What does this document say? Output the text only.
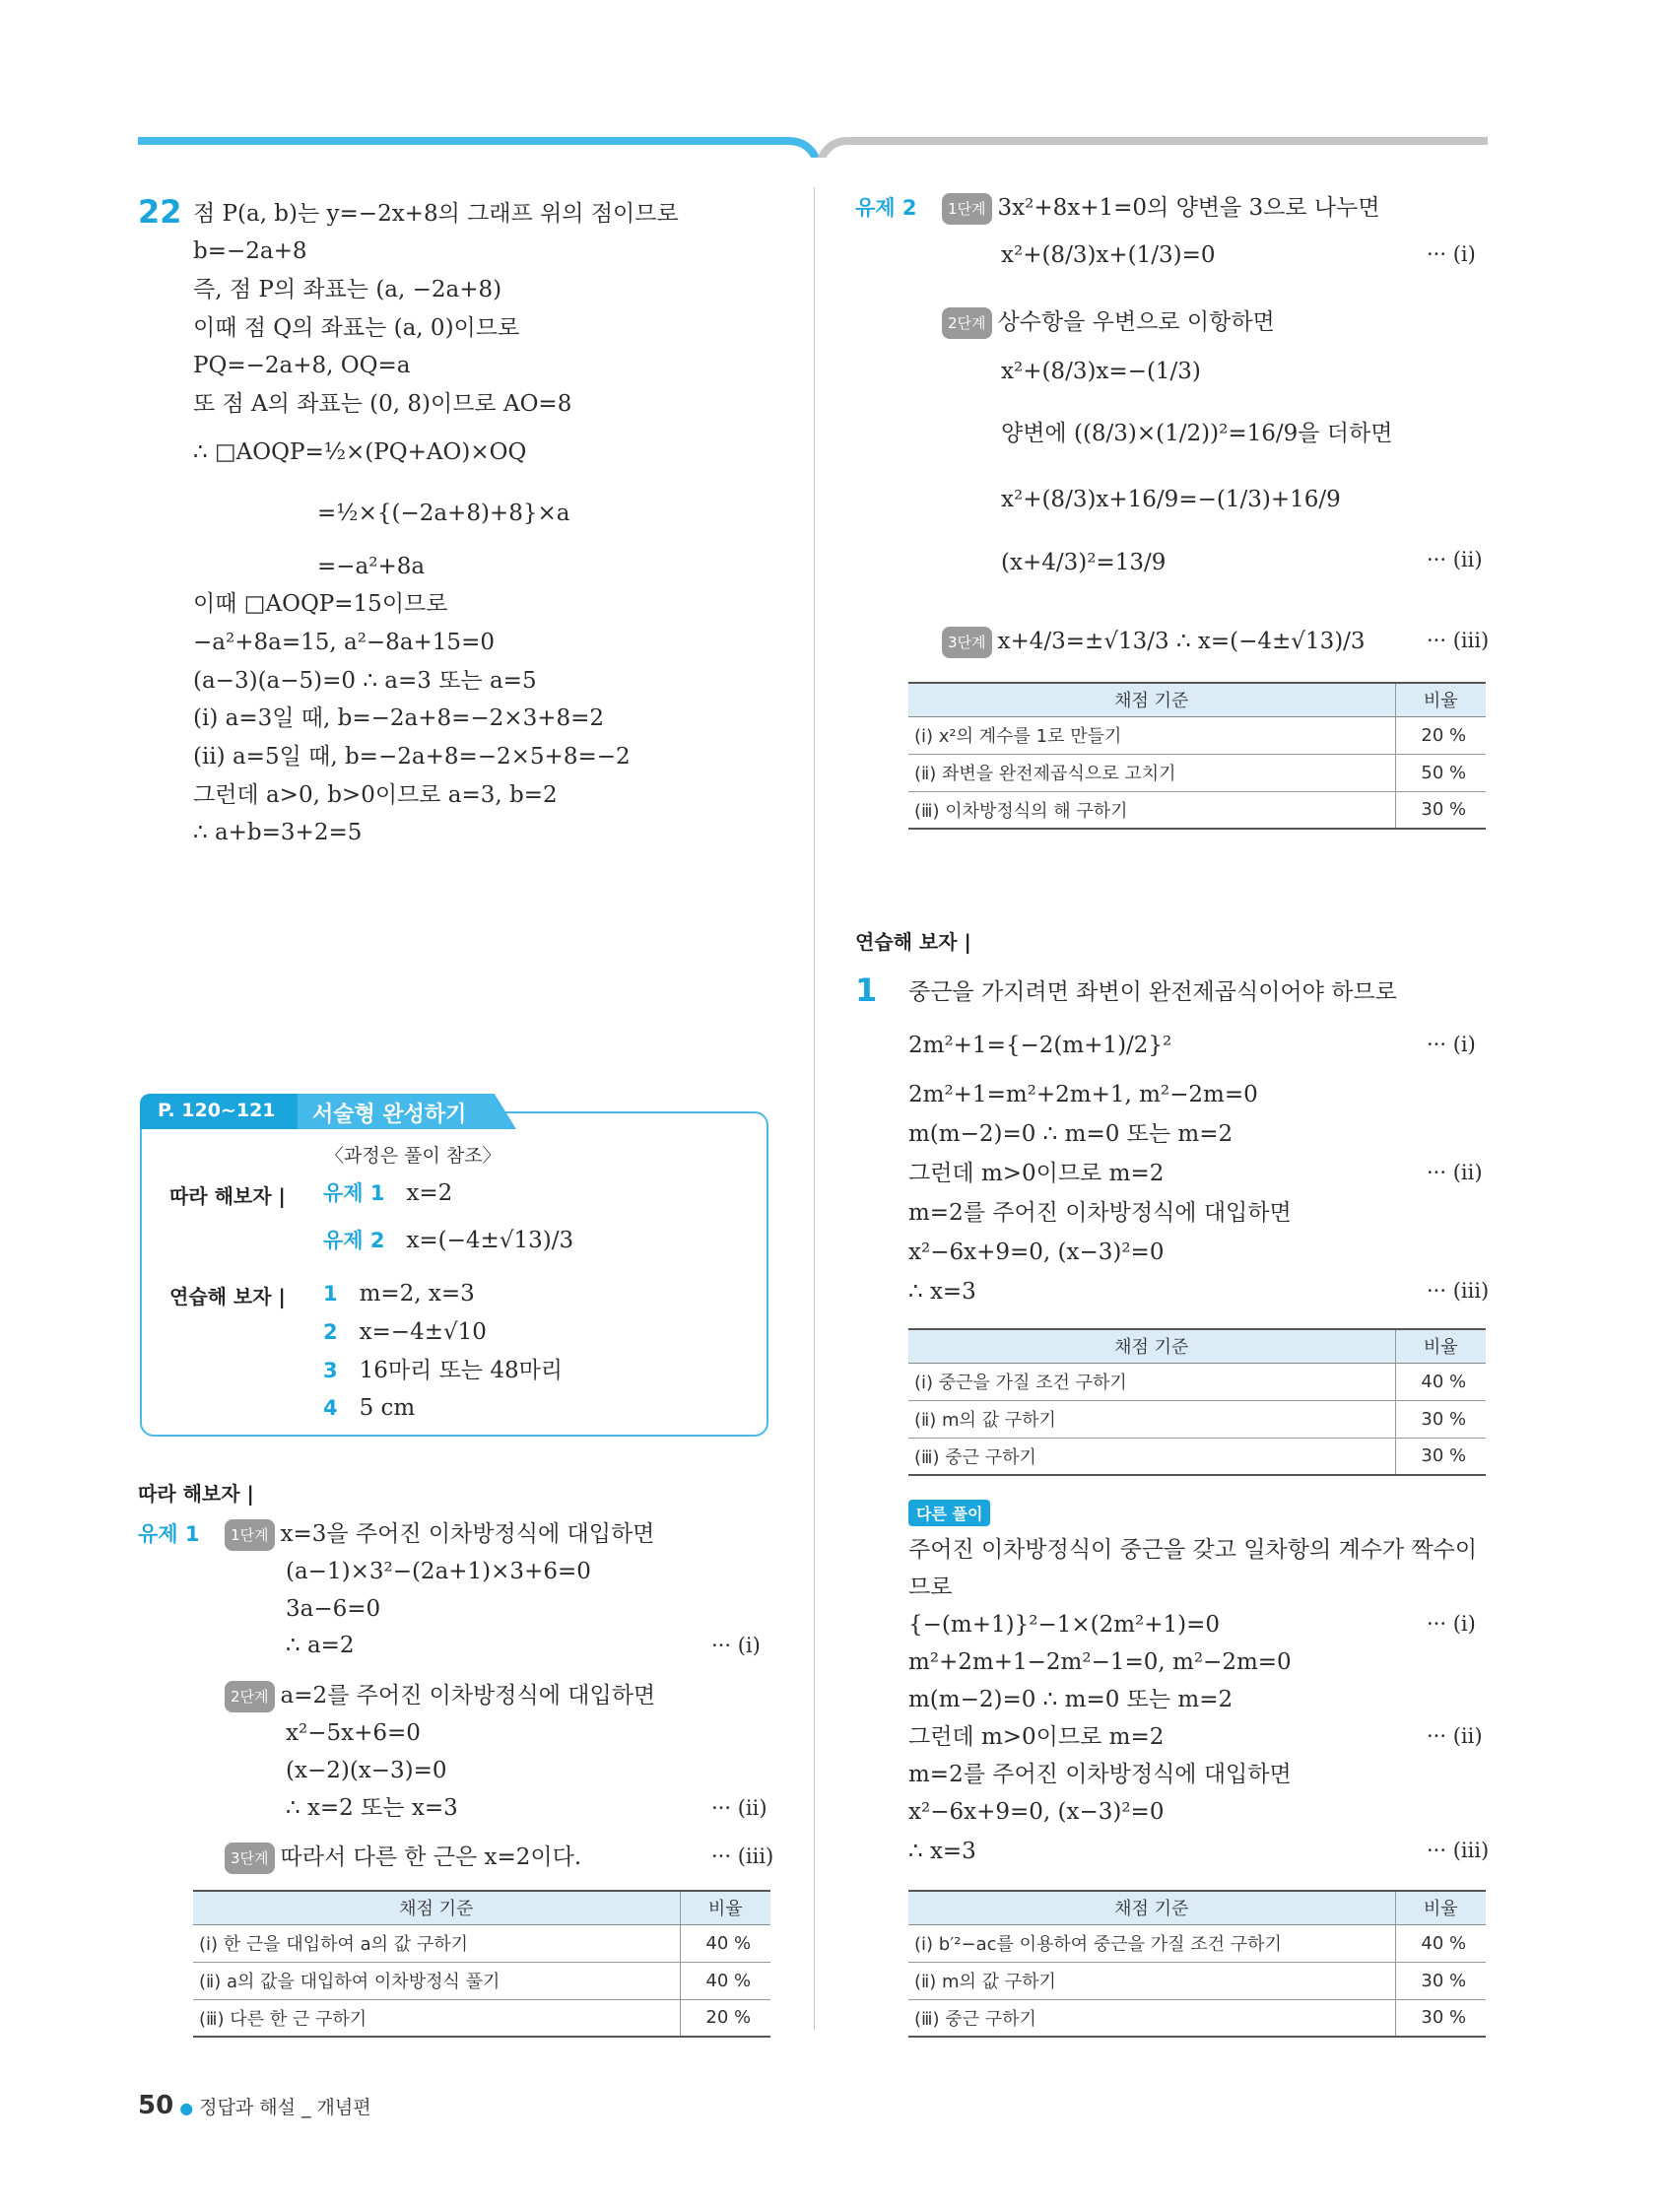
22 점 P(a, b)는 y=−2x+8의 그래프 위의 점이므로
b=−2a+8
즉, 점 P의 좌표는 (a, −2a+8)
이때 점 Q의 좌표는 (a, 0)이므로
PQ=−2a+8, OQ=a
또 점 A의 좌표는 (0, 8)이므로 AO=8
∴ □AOQP=½×(PQ+AO)×OQ
=½×{(−2a+8)+8}×a
=−a²+8a
이때 □AOQP=15이므로
−a²+8a=15, a²−8a+15=0
(a−3)(a−5)=0 ∴ a=3 또는 a=5
(ⅰ) a=3일 때, b=−2a+8=−2×3+8=2
(ⅱ) a=5일 때, b=−2a+8=−2×5+8=−2
그런데 a>0, b>0이므로 a=3, b=2
∴ a+b=3+2=5
P. 120~121 서술형 완성하기
〈과정은 풀이 참조〉
따라 해보자 | 유제 1 x=2
유제 2 x=(−4±√13)/3
연습해 보자 | 1 m=2, x=3
2 x=−4±√10
3 16마리 또는 48마리
4 5 cm
따라 해보자 |
유제 1	1단계 x=3을 주어진 이차방정식에 대입하면
(a−1)×3²−(2a+1)×3+6=0
3a−6=0
∴ a=2	··· (ⅰ)
2단계 a=2를 주어진 이차방정식에 대입하면
x²−5x+6=0
(x−2)(x−3)=0
∴ x=2 또는 x=3	··· (ⅱ)
3단계 따라서 다른 한 근은 x=2이다.	··· (ⅲ)
채점 기준	비율
(ⅰ) 한 근을 대입하여 a의 값 구하기	40 %
(ⅱ) a의 값을 대입하여 이차방정식 풀기	40 %
(ⅲ) 다른 한 근 구하기	20 %
유제 2	1단계 3x²+8x+1=0의 양변을 3으로 나누면
x²+(8/3)x+(1/3)=0	··· (ⅰ)
2단계 상수항을 우변으로 이항하면
x²+(8/3)x=−(1/3)
양변에 ((8/3)×(1/2))²=16/9을 더하면
x²+(8/3)x+16/9=−(1/3)+16/9
(x+4/3)²=13/9	··· (ⅱ)
3단계 x+4/3=±√13/3 ∴ x=(−4±√13)/3	··· (ⅲ)
채점 기준	비율
(ⅰ) x²의 계수를 1로 만들기	20 %
(ⅱ) 좌변을 완전제곱식으로 고치기	50 %
(ⅲ) 이차방정식의 해 구하기	30 %
연습해 보자 |
1 중근을 가지려면 좌변이 완전제곱식이어야 하므로
2m²+1={−2(m+1)/2}²	··· (ⅰ)
2m²+1=m²+2m+1, m²−2m=0
m(m−2)=0 ∴ m=0 또는 m=2
그런데 m>0이므로 m=2	··· (ⅱ)
m=2를 주어진 이차방정식에 대입하면
x²−6x+9=0, (x−3)²=0
∴ x=3	··· (ⅲ)
채점 기준	비율
(ⅰ) 중근을 가질 조건 구하기	40 %
(ⅱ) m의 값 구하기	30 %
(ⅲ) 중근 구하기	30 %
다른 풀이
주어진 이차방정식이 중근을 갖고 일차항의 계수가 짝수이
므로
{−(m+1)}²−1×(2m²+1)=0	··· (ⅰ)
m²+2m+1−2m²−1=0, m²−2m=0
m(m−2)=0 ∴ m=0 또는 m=2
그런데 m>0이므로 m=2	··· (ⅱ)
m=2를 주어진 이차방정식에 대입하면
x²−6x+9=0, (x−3)²=0
∴ x=3	··· (ⅲ)
채점 기준	비율
(ⅰ) b′²−ac를 이용하여 중근을 가질 조건 구하기	40 %
(ⅱ) m의 값 구하기	30 %
(ⅲ) 중근 구하기	30 %
50 ● 정답과 해설 _ 개념편
